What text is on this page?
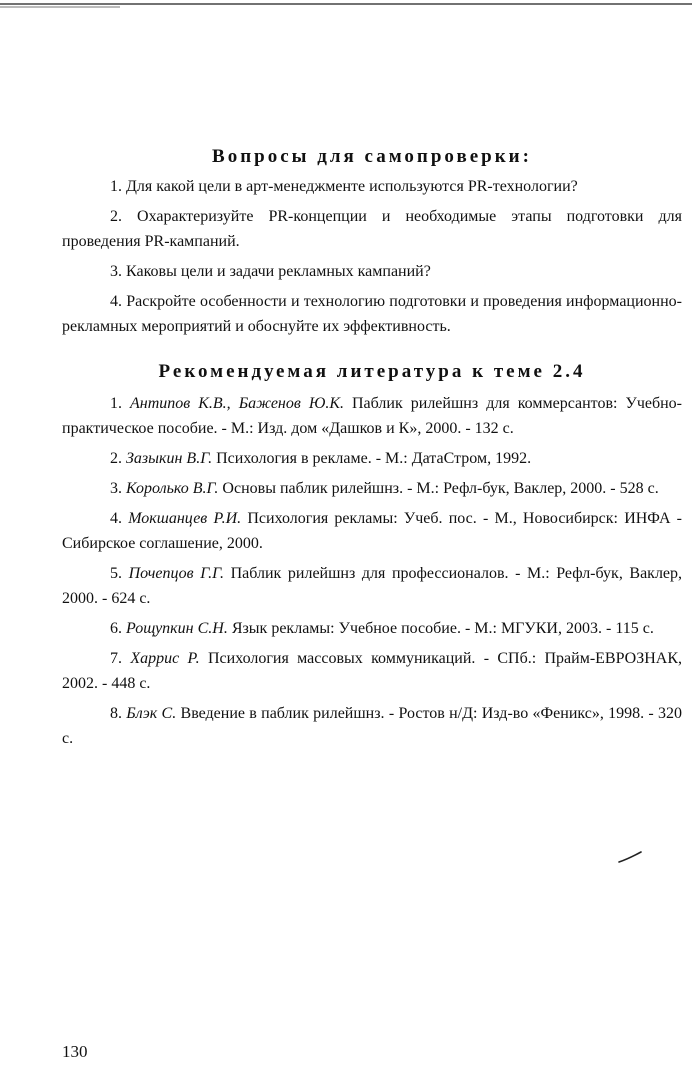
Вопросы для самопроверки:

1. Для какой цели в арт-менеджменте используются PR-технологии?

2. Охарактеризуйте PR-концепции и необходимые этапы подготовки для проведения PR-кампаний.

3. Каковы цели и задачи рекламных кампаний?

4. Раскройте особенности и технологию подготовки и проведения информационно-рекламных мероприятий и обоснуйте их эффективность.

Рекомендуемая литература к теме 2.4

1. Антипов К.В., Баженов Ю.К. Паблик рилейшнз для коммерсантов: Учебно-практическое пособие. - М.: Изд. дом «Дашков и К», 2000. - 132 с.

2. Зазыкин В.Г. Психология в рекламе. - М.: ДатаСтром, 1992.

3. Королько В.Г. Основы паблик рилейшнз. - М.: Рефл-бук, Ваклер, 2000. - 528 с.

4. Мокшанцев Р.И. Психология рекламы: Учеб. пос. - М., Новосибирск: ИНФА - Сибирское соглашение, 2000.

5. Почепцов Г.Г. Паблик рилейшнз для профессионалов. - М.: Рефл-бук, Ваклер, 2000. - 624 с.

6. Рощупкин С.Н. Язык рекламы: Учебное пособие. - М.: МГУКИ, 2003. - 115 с.

7. Харрис Р. Психология массовых коммуникаций. - СПб.: Прайм-ЕВРОЗНАК, 2002. - 448 с.

8. Блэк С. Введение в паблик рилейшнз. - Ростов н/Д: Изд-во «Феникс», 1998. - 320 с.

130
